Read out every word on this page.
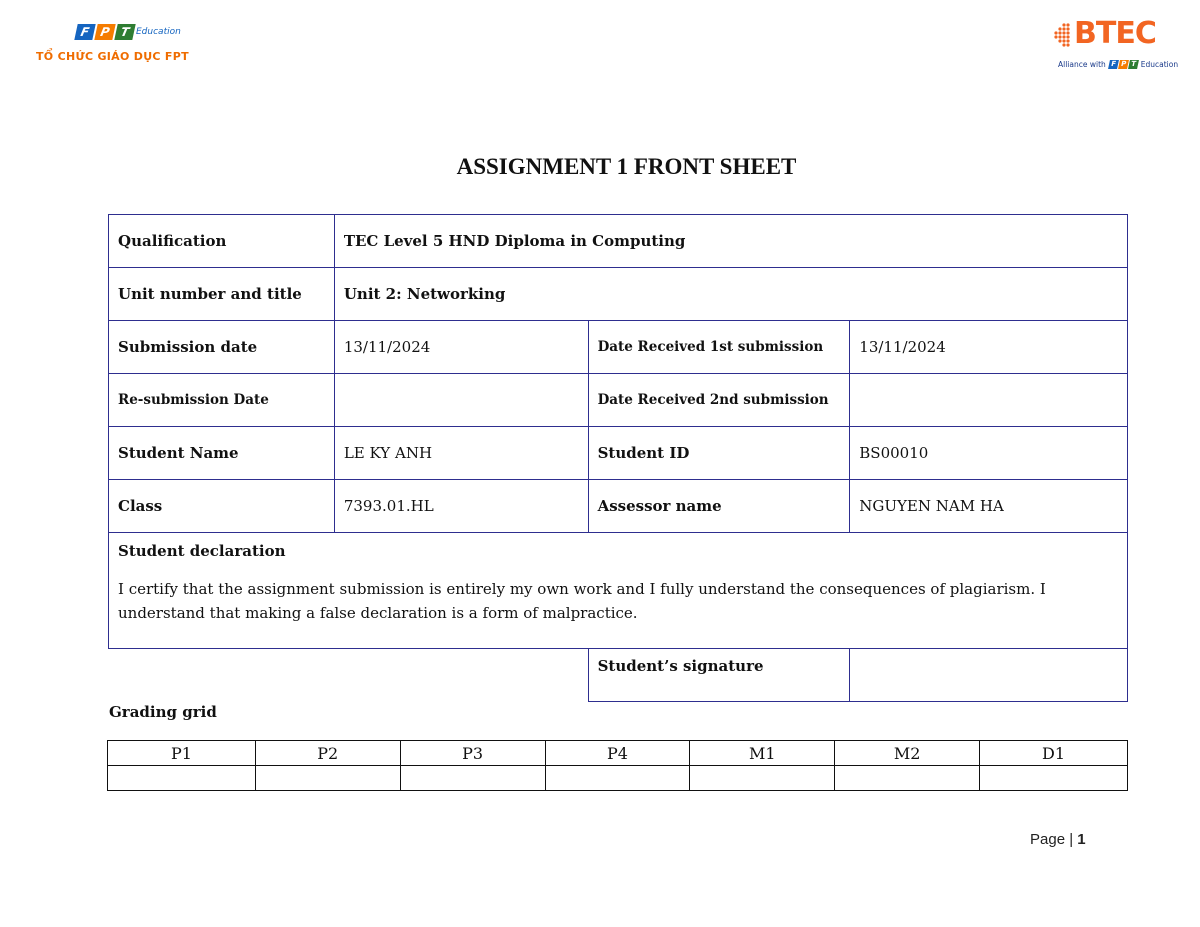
F P T Education
TỔ CHỨC GIÁO DỤC FPT
BTEC
Alliance with F P T Education
ASSIGNMENT 1 FRONT SHEET
Qualification	TEC Level 5 HND Diploma in Computing		
Unit number and title	Unit 2: Networking		
Submission date	13/11/2024	Date Received 1st submission	13/11/2024
Re-submission Date		Date Received 2nd submission	
Student Name	LE KY ANH	Student ID	BS00010
Class	7393.01.HL	Assessor name	NGUYEN NAM HA

Student declaration
I certify that the assignment submission is entirely my own work and I fully understand the consequences of plagiarism. I understand that making a false declaration is a form of malpractice.			

		Student’s signature	
Grading grid
P1	P2	P3	P4	M1	M2	D1

Page | 1
